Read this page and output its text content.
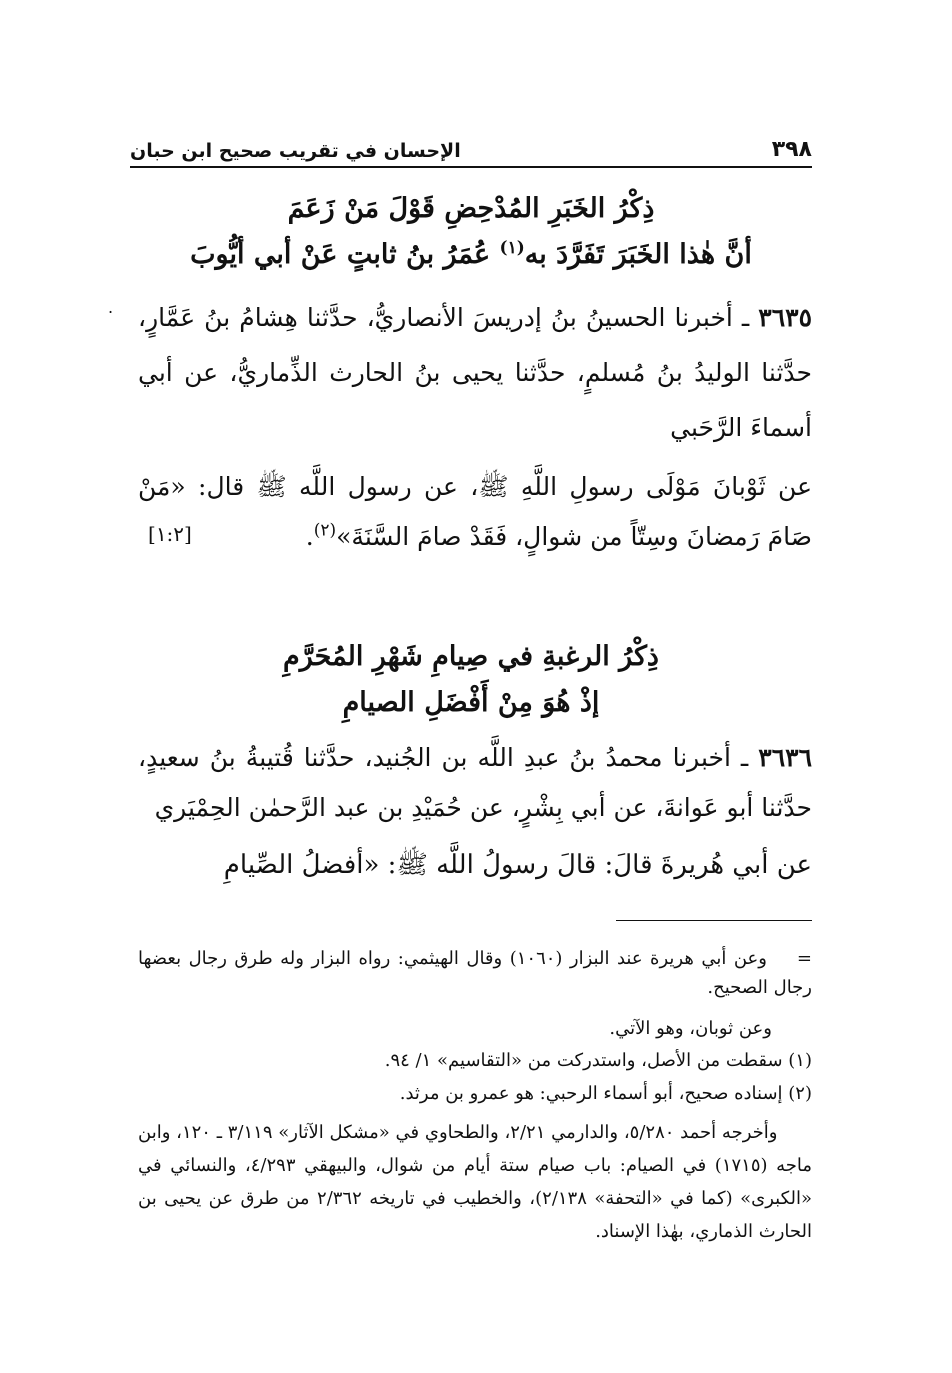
٣٩٨
الإحسان في تقريب صحيح ابن حبان
.
ذِكْرُ الخَبَرِ المُدْحِضِ قَوْلَ مَنْ زَعَمَ
أنَّ هٰذا الخَبَرَ تَفَرَّدَ به$^{(١)}$ عُمَرُ بنُ ثابتٍ عَنْ أبي أيُّوبَ
٣٦٣٥ ـ أخبرنا الحسينُ بنُ إدريسَ الأنصاريُّ، حدَّثنا هِشامُ بنُ عَمَّارٍ، حدَّثنا الوليدُ بنُ مُسلمٍ، حدَّثنا يحيى بنُ الحارث الذِّماريُّ، عن أبي أسماءَ الرَّحَبي
عن ثَوْبانَ مَوْلَى رسولِ اللَّهِ ﷺ، عن رسول اللَّه ﷺ قال: «مَنْ صَامَ رَمضانَ وسِتّاً من شوالٍ، فَقَدْ صامَ السَّنَةَ»$^{(٢)}$.
[١:٢]
ذِكْرُ الرغبةِ في صِيامِ شَهْرِ المُحَرَّمِ
إذْ هُوَ مِنْ أَفْضَلِ الصيامِ
٣٦٣٦ ـ أخبرنا محمدُ بنُ عبدِ اللَّه بن الجُنيد، حدَّثنا قُتيبةُ بنُ سعيدٍ، حدَّثنا أبو عَوانةَ، عن أبي بِشْرٍ، عن حُمَيْدِ بن عبد الرَّحمٰن الحِمْيَري
عن أبي هُريرةَ قالَ: قالَ رسولُ اللَّه ﷺ: «أفضلُ الصِّيامِ
=    وعن أبي هريرة عند البزار (١٠٦٠) وقال الهيثمي: رواه البزار وله طرق رجال بعضها رجال الصحيح.
وعن ثوبان، وهو الآتي.
(١) سقطت من الأصل، واستدركت من «التقاسيم» ١/ ٩٤.
(٢) إسناده صحيح، أبو أسماء الرحبي: هو عمرو بن مرثد.
وأخرجه أحمد ٥/٢٨٠، والدارمي ٢/٢١، والطحاوي في «مشكل الآثار» ٣/١١٩ ـ ١٢٠، وابن ماجه (١٧١٥) في الصيام: باب صيام ستة أيام من شوال، والبيهقي ٤/٢٩٣، والنسائي في «الكبرى» (كما في «التحفة» ٢/١٣٨)، والخطيب في تاريخه ٢/٣٦٢ من طرق عن يحيى بن الحارث الذماري، بهٰذا الإسناد.
